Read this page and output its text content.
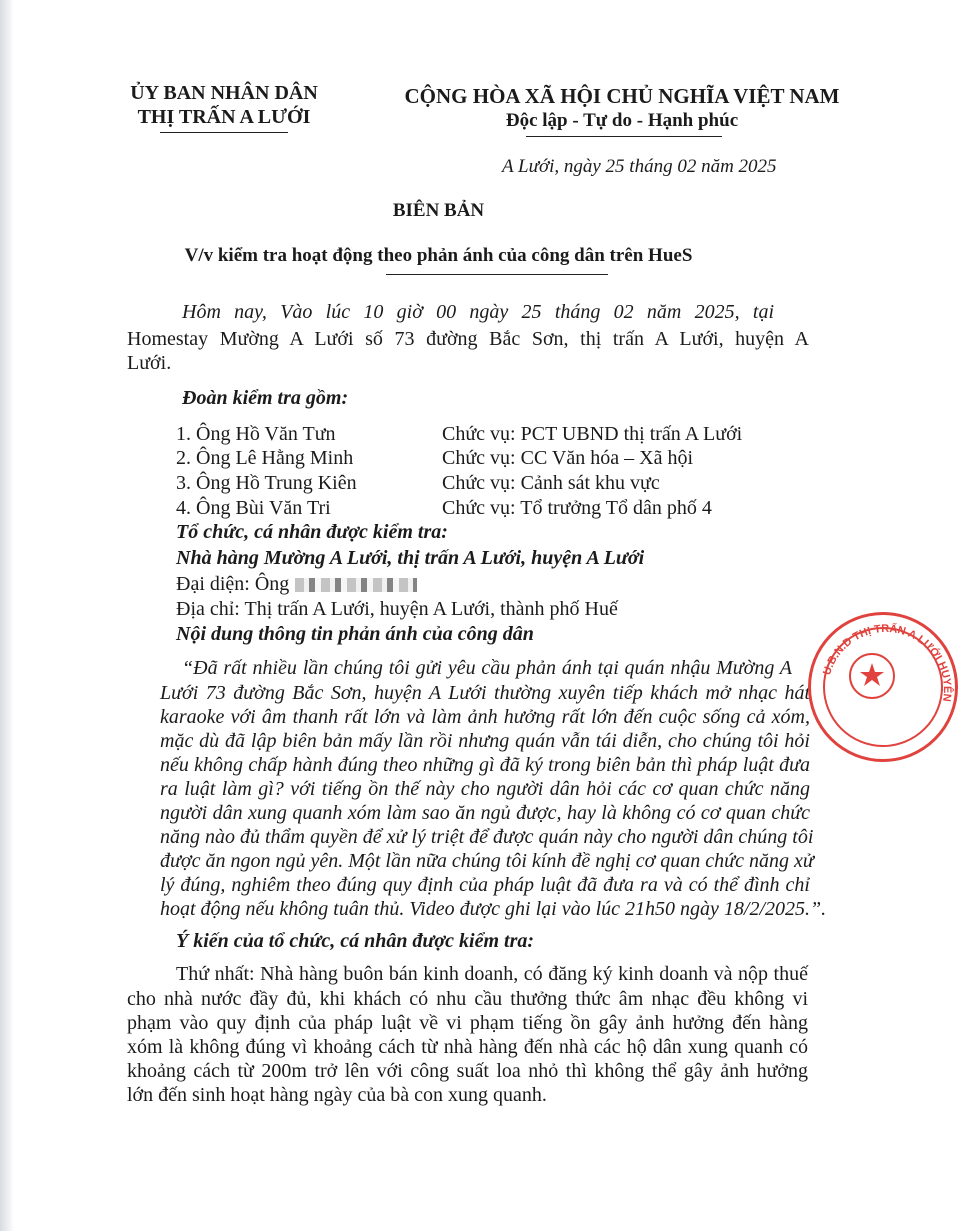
ỦY BAN NHÂN DÂN
THỊ TRẤN A LƯỚI
CỘNG HÒA XÃ HỘI CHỦ NGHĨA VIỆT NAM
Độc lập - Tự do - Hạnh phúc
A Lưới, ngày 25 tháng 02 năm 2025
BIÊN BẢN
V/v kiểm tra hoạt động theo phản ánh của công dân trên HueS
Hôm nay, Vào lúc 10 giờ 00 ngày 25 tháng 02 năm 2025, tại
Homestay Mường A Lưới số 73 đường Bắc Sơn, thị trấn A Lưới, huyện A
Lưới.
Đoàn kiểm tra gồm:
1. Ông Hồ Văn Tưn	Chức vụ: PCT UBND thị trấn A Lưới
2. Ông Lê Hằng Minh	Chức vụ: CC Văn hóa – Xã hội
3. Ông Hồ Trung Kiên	Chức vụ: Cảnh sát khu vực
4. Ông Bùi Văn Tri	Chức vụ: Tổ trưởng Tổ dân phố 4
Tổ chức, cá nhân được kiểm tra:
Nhà hàng Mường A Lưới, thị trấn A Lưới, huyện A Lưới
Đại diện: Ông
Địa chỉ: Thị trấn A Lưới, huyện A Lưới, thành phố Huế
Nội dung thông tin phản ánh của công dân
“Đã rất nhiều lần chúng tôi gửi yêu cầu phản ánh tại quán nhậu Mường A
Lưới 73 đường Bắc Sơn, huyện A Lưới thường xuyên tiếp khách mở nhạc hát
karaoke với âm thanh rất lớn và làm ảnh hưởng rất lớn đến cuộc sống cả xóm,
mặc dù đã lập biên bản mấy lần rồi nhưng quán vẫn tái diễn, cho chúng tôi hỏi
nếu không chấp hành đúng theo những gì đã ký trong biên bản thì pháp luật đưa
ra luật làm gì? với tiếng ồn thế này cho người dân hỏi các cơ quan chức năng
người dân xung quanh xóm làm sao ăn ngủ được, hay là không có cơ quan chức
năng nào đủ thẩm quyền để xử lý triệt để được quán này cho người dân chúng tôi
được ăn ngon ngủ yên. Một lần nữa chúng tôi kính đề nghị cơ quan chức năng xử
lý đúng, nghiêm theo đúng quy định của pháp luật đã đưa ra và có thể đình chỉ
hoạt động nếu không tuân thủ. Video được ghi lại vào lúc 21h50 ngày 18/2/2025.”.
Ý kiến của tổ chức, cá nhân được kiểm tra:
Thứ nhất: Nhà hàng buôn bán kinh doanh, có đăng ký kinh doanh và nộp thuế
cho nhà nước đầy đủ, khi khách có nhu cầu thưởng thức âm nhạc đều không vi
phạm vào quy định của pháp luật về vi phạm tiếng ồn gây ảnh hưởng đến hàng
xóm là không đúng vì khoảng cách từ nhà hàng đến nhà các hộ dân xung quanh có
khoảng cách từ 200m trở lên với công suất loa nhỏ thì không thể gây ảnh hưởng
lớn đến sinh hoạt hàng ngày của bà con xung quanh.
U.B.N.D THỊ TRẤN A LƯỚI HUYỆN
